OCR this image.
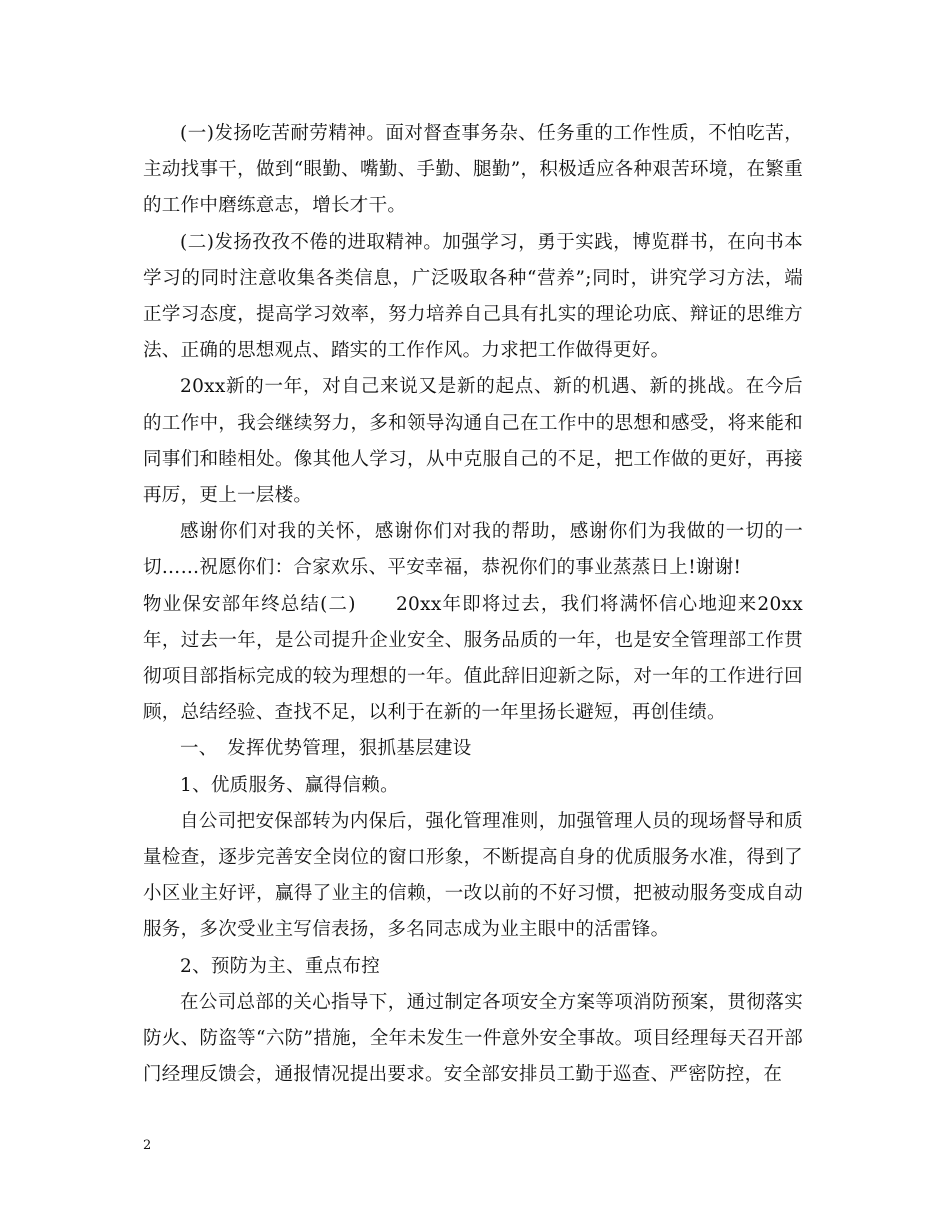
(一)发扬吃苦耐劳精神。面对督查事务杂、任务重的工作性质，不怕吃苦，主动找事干，做到“眼勤、嘴勤、手勤、腿勤”，积极适应各种艰苦环境，在繁重的工作中磨练意志，增长才干。

(二)发扬孜孜不倦的进取精神。加强学习，勇于实践，博览群书，在向书本学习的同时注意收集各类信息，广泛吸取各种“营养”;同时，讲究学习方法，端正学习态度，提高学习效率，努力培养自己具有扎实的理论功底、辩证的思维方法、正确的思想观点、踏实的工作作风。力求把工作做得更好。

20xx新的一年，对自己来说又是新的起点、新的机遇、新的挑战。在今后的工作中，我会继续努力，多和领导沟通自己在工作中的思想和感受，将来能和同事们和睦相处。像其他人学习，从中克服自己的不足，把工作做的更好，再接再厉，更上一层楼。

感谢你们对我的关怀，感谢你们对我的帮助，感谢你们为我做的一切的一切……祝愿你们：合家欢乐、平安幸福，恭祝你们的事业蒸蒸日上!谢谢!

物业保安部年终总结(二)　　20xx年即将过去，我们将满怀信心地迎来20xx年，过去一年，是公司提升企业安全、服务品质的一年，也是安全管理部工作贯彻项目部指标完成的较为理想的一年。值此辞旧迎新之际，对一年的工作进行回顾，总结经验、查找不足，以利于在新的一年里扬长避短，再创佳绩。

一、　发挥优势管理，狠抓基层建设

1、优质服务、赢得信赖。

自公司把安保部转为内保后，强化管理准则，加强管理人员的现场督导和质量检查，逐步完善安全岗位的窗口形象，不断提高自身的优质服务水准，得到了小区业主好评，赢得了业主的信赖，一改以前的不好习惯，把被动服务变成自动服务，多次受业主写信表扬，多名同志成为业主眼中的活雷锋。

2、预防为主、重点布控

在公司总部的关心指导下，通过制定各项安全方案等项消防预案，贯彻落实防火、防盗等“六防”措施，全年未发生一件意外安全事故。项目经理每天召开部门经理反馈会，通报情况提出要求。安全部安排员工勤于巡查、严密防控，在

2
